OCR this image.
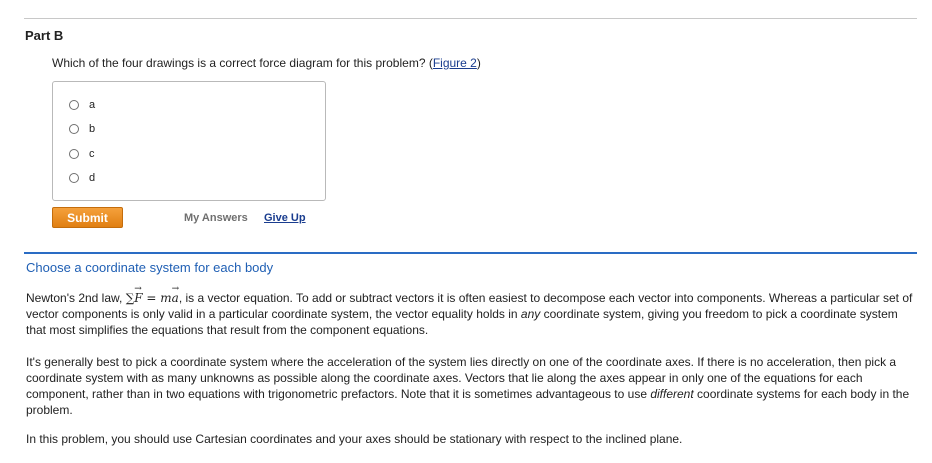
Part B
Which of the four drawings is a correct force diagram for this problem? (Figure 2)
a
b
c
d
Submit	My Answers Give Up
Choose a coordinate system for each body

Newton's 2nd law, ∑→ F = m→ a, is a vector equation. To add or subtract vectors it is often easiest to decompose each vector into components. Whereas a particular set of vector components is only valid in a particular coordinate system, the vector equality holds in any coordinate system, giving you freedom to pick a coordinate system that most simplifies the equations that result from the component equations.

It's generally best to pick a coordinate system where the acceleration of the system lies directly on one of the coordinate axes. If there is no acceleration, then pick a coordinate system with as many unknowns as possible along the coordinate axes. Vectors that lie along the axes appear in only one of the equations for each component, rather than in two equations with trigonometric prefactors. Note that it is sometimes advantageous to use different coordinate systems for each body in the problem.

In this problem, you should use Cartesian coordinates and your axes should be stationary with respect to the inclined plane.
